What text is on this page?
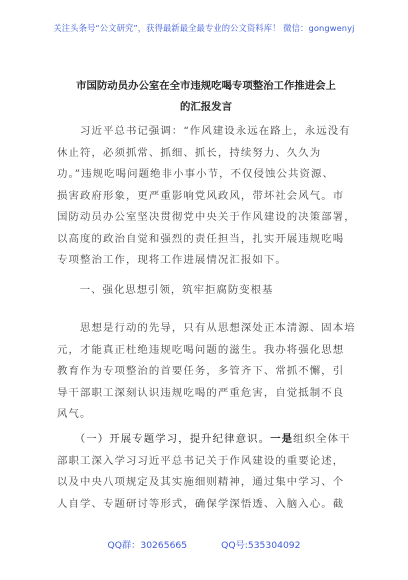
关注头条号“公文研究”，获得最新最全最专业的公文资料库！ 微信：gongwenyj
市国防动员办公室在全市违规吃喝专项整治工作推进会上
的汇报发言
　　习近平总书记强调：“作风建设永远在路上，永远没有
休止符，必须抓常、抓细、抓长，持续努力、久久为
功。”违规吃喝问题绝非小事小节，不仅侵蚀公共资源、
损害政府形象，更严重影响党风政风，带坏社会风气。市
国防动员办公室坚决贯彻党中央关于作风建设的决策部署，
以高度的政治自觉和强烈的责任担当，扎实开展违规吃喝
专项整治工作，现将工作进展情况汇报如下。
　　一、强化思想引领，筑牢拒腐防变根基
　　思想是行动的先导，只有从思想深处正本清源、固本培
元，才能真正杜绝违规吃喝问题的滋生。我办将强化思想
教育作为专项整治的首要任务，多管齐下、常抓不懈，引
导干部职工深刻认识违规吃喝的严重危害，自觉抵制不良
风气。
　　（一）开展专题学习，提升纪律意识。一是组织全体干
部职工深入学习习近平总书记关于作风建设的重要论述，
以及中央八项规定及其实施细则精神，通过集中学习、个
人自学、专题研讨等形式，确保学深悟透、入脑入心。截
QQ群：30265665	QQ号:535304092
